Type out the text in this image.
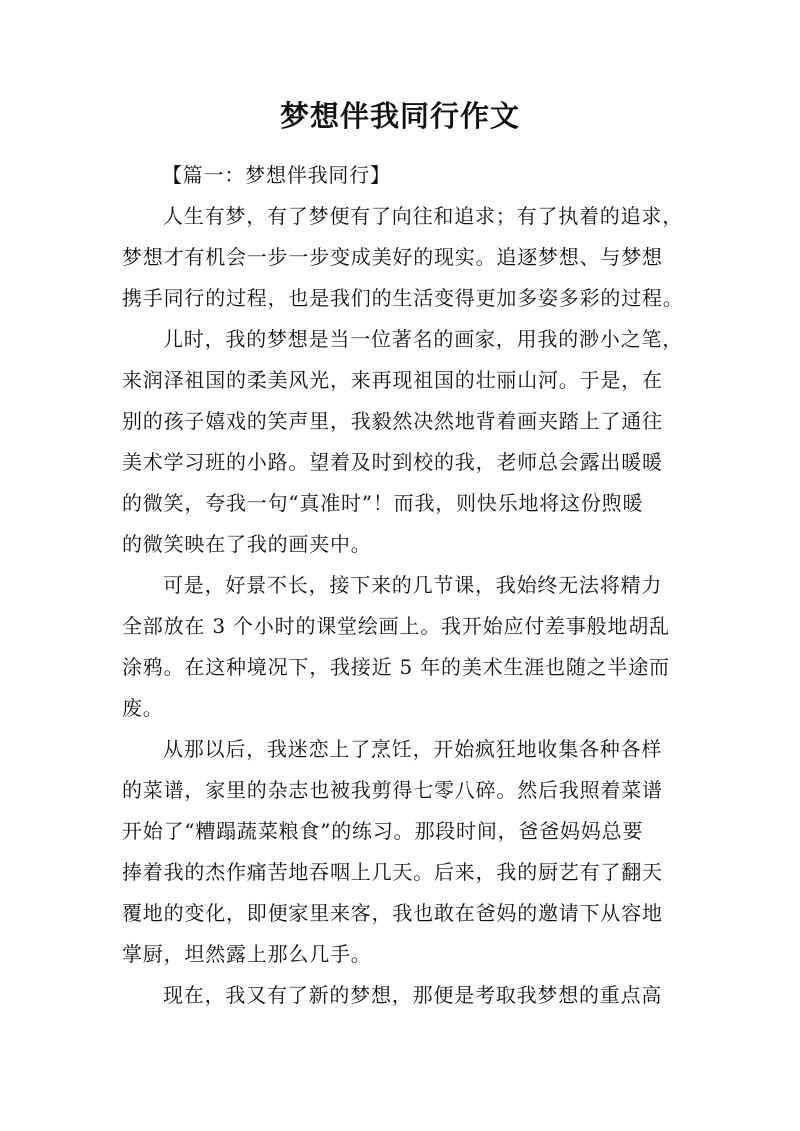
梦想伴我同行作文

【篇一：梦想伴我同行】

人生有梦，有了梦便有了向往和追求；有了执着的追求，
梦想才有机会一步一步变成美好的现实。追逐梦想、与梦想
携手同行的过程，也是我们的生活变得更加多姿多彩的过程。

儿时，我的梦想是当一位著名的画家，用我的渺小之笔，
来润泽祖国的柔美风光，来再现祖国的壮丽山河。于是，在
别的孩子嬉戏的笑声里，我毅然决然地背着画夹踏上了通往
美术学习班的小路。望着及时到校的我，老师总会露出暖暖
的微笑，夸我一句“真准时”！而我，则快乐地将这份煦暖
的微笑映在了我的画夹中。

可是，好景不长，接下来的几节课，我始终无法将精力
全部放在 3 个小时的课堂绘画上。我开始应付差事般地胡乱
涂鸦。在这种境况下，我接近 5 年的美术生涯也随之半途而
废。

从那以后，我迷恋上了烹饪，开始疯狂地收集各种各样
的菜谱，家里的杂志也被我剪得七零八碎。然后我照着菜谱
开始了“糟蹋蔬菜粮食”的练习。那段时间，爸爸妈妈总要
捧着我的杰作痛苦地吞咽上几天。后来，我的厨艺有了翻天
覆地的变化，即便家里来客，我也敢在爸妈的邀请下从容地
掌厨，坦然露上那么几手。

现在，我又有了新的梦想，那便是考取我梦想的重点高
